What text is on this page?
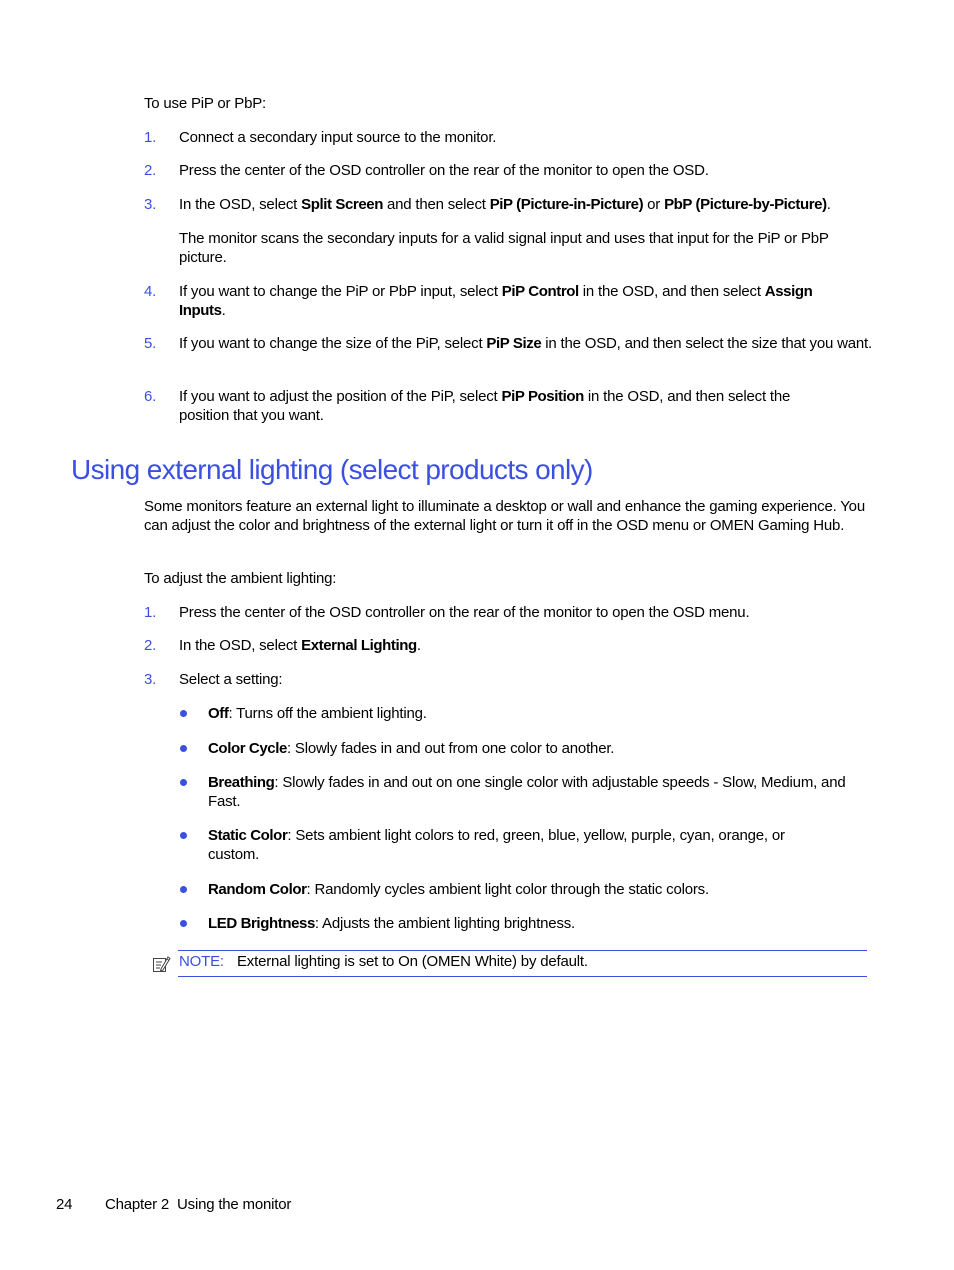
To use PiP or PbP:
1. Connect a secondary input source to the monitor.
2. Press the center of the OSD controller on the rear of the monitor to open the OSD.
3. In the OSD, select Split Screen and then select PiP (Picture-in-Picture) or PbP (Picture-by-Picture).
The monitor scans the secondary inputs for a valid signal input and uses that input for the PiP or PbP picture.
4. If you want to change the PiP or PbP input, select PiP Control in the OSD, and then select Assign Inputs.
5. If you want to change the size of the PiP, select PiP Size in the OSD, and then select the size that you want.
6. If you want to adjust the position of the PiP, select PiP Position in the OSD, and then select the position that you want.
Using external lighting (select products only)
Some monitors feature an external light to illuminate a desktop or wall and enhance the gaming experience. You can adjust the color and brightness of the external light or turn it off in the OSD menu or OMEN Gaming Hub.
To adjust the ambient lighting:
1. Press the center of the OSD controller on the rear of the monitor to open the OSD menu.
2. In the OSD, select External Lighting.
3. Select a setting:
Off: Turns off the ambient lighting.
Color Cycle: Slowly fades in and out from one color to another.
Breathing: Slowly fades in and out on one single color with adjustable speeds - Slow, Medium, and Fast.
Static Color: Sets ambient light colors to red, green, blue, yellow, purple, cyan, orange, or custom.
Random Color: Randomly cycles ambient light color through the static colors.
LED Brightness: Adjusts the ambient lighting brightness.
NOTE: External lighting is set to On (OMEN White) by default.
24 Chapter 2  Using the monitor
